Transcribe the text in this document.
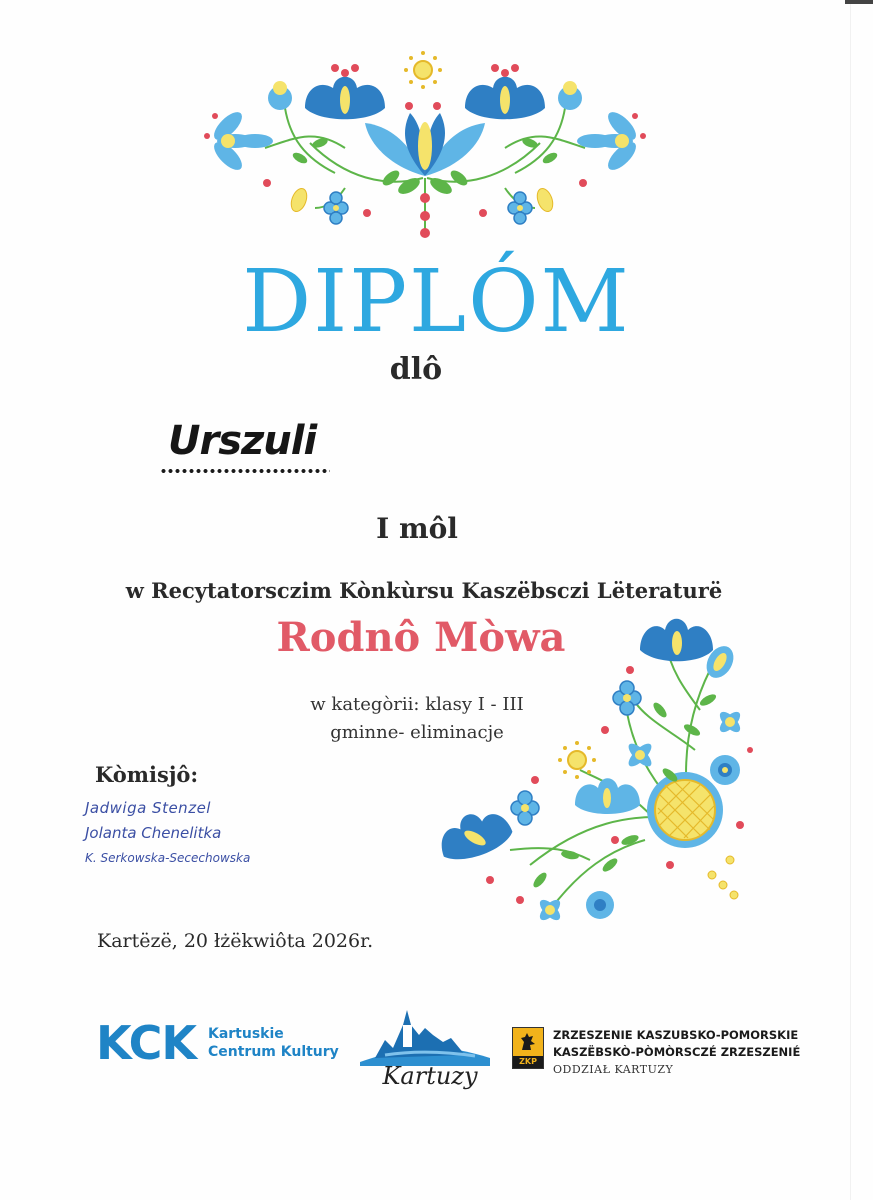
DIPLÓM
dlô
Urszuli
I môl
w Recytatorsczim Kònkùrsu Kaszëbsczi Lëteraturë
Rodnô Mòwa
w kategòrii: klasy I - III
gminne- eliminacje
Kòmisjô:
Jadwiga Stenzel
Jolanta Chenelitka
K. Serkowska-Secechowska
Kartëzë, 20 łżëkwiôta 2026r.
KCK Kartuskie
Centrum Kultury
Kartuzy
ZKP
ZRZESZENIE KASZUBSKO-POMORSKIE
KASZËBSKÒ-PÒMÒRSCZÉ ZRZESZENIÉ
ODDZIAŁ KARTUZY
